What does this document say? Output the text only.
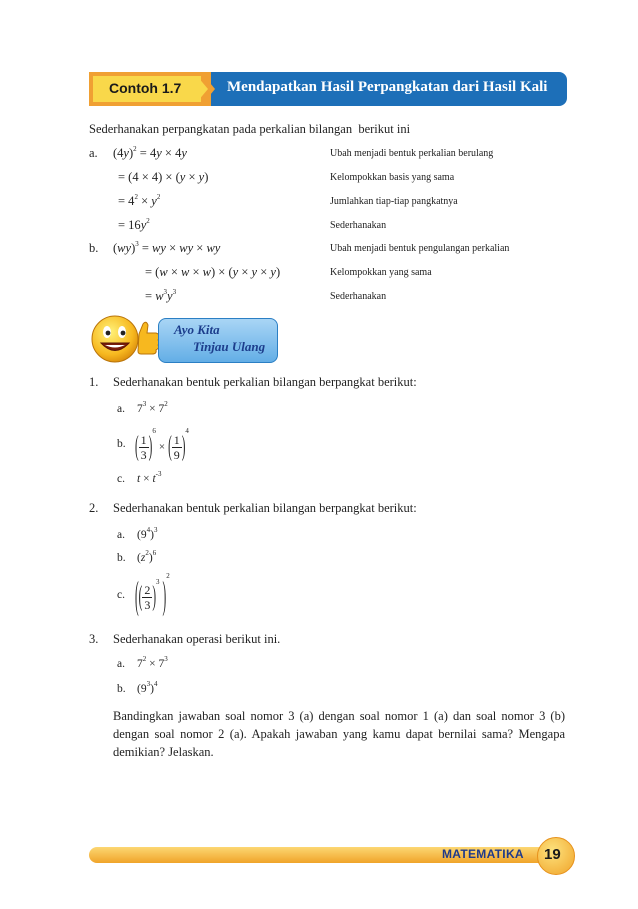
Contoh 1.7	Mendapatkan Hasil Perpangkatan dari Hasil Kali
Sederhanakan perpangkatan pada perkalian bilangan  berikut ini
a. $(4y)^2 = 4y \times 4y$	Ubah menjadi bentuk perkalian berulang
= (4 × 4) × (y × y)	Kelompokkan basis yang sama
= $4^2 \times y^2$	Jumlahkan tiap-tiap pangkatnya
= $16y^2$	Sederhanakan
b. (wy)$^3$ = wy × wy × wy	Ubah menjadi bentuk pengulangan perkalian
= (w × w × w) × (y × y × y)	Kelompokkan yang sama
= $w^3y^3$	Sederhanakan
Ayo Kita
Tinjau Ulang
1. Sederhanakan bentuk perkalian bilangan berpangkat berikut:
a. $7^3 \times 7^2$
b. ( $\frac{1}{3}$ )
6
× ( $\frac{1}{9}$ )
4
c. $t \times t^{-3}$
2. Sederhanakan bentuk perkalian bilangan berpangkat berikut:
a. $(9^4)^3$
b. $(z^2)^6$
c. ( ( $\frac{2}{3}$ ) 3 ) 2
3. Sederhanakan operasi berikut ini.
a. $7^2 \times 7^3$
b. $(9^3)^4$
Bandingkan jawaban soal nomor 3 (a) dengan soal nomor 1 (a) dan soal nomor 3 (b) dengan soal nomor 2 (a). Apakah jawaban yang kamu dapat bernilai sama? Mengapa demikian? Jelaskan.
MATEMATIKA 19
